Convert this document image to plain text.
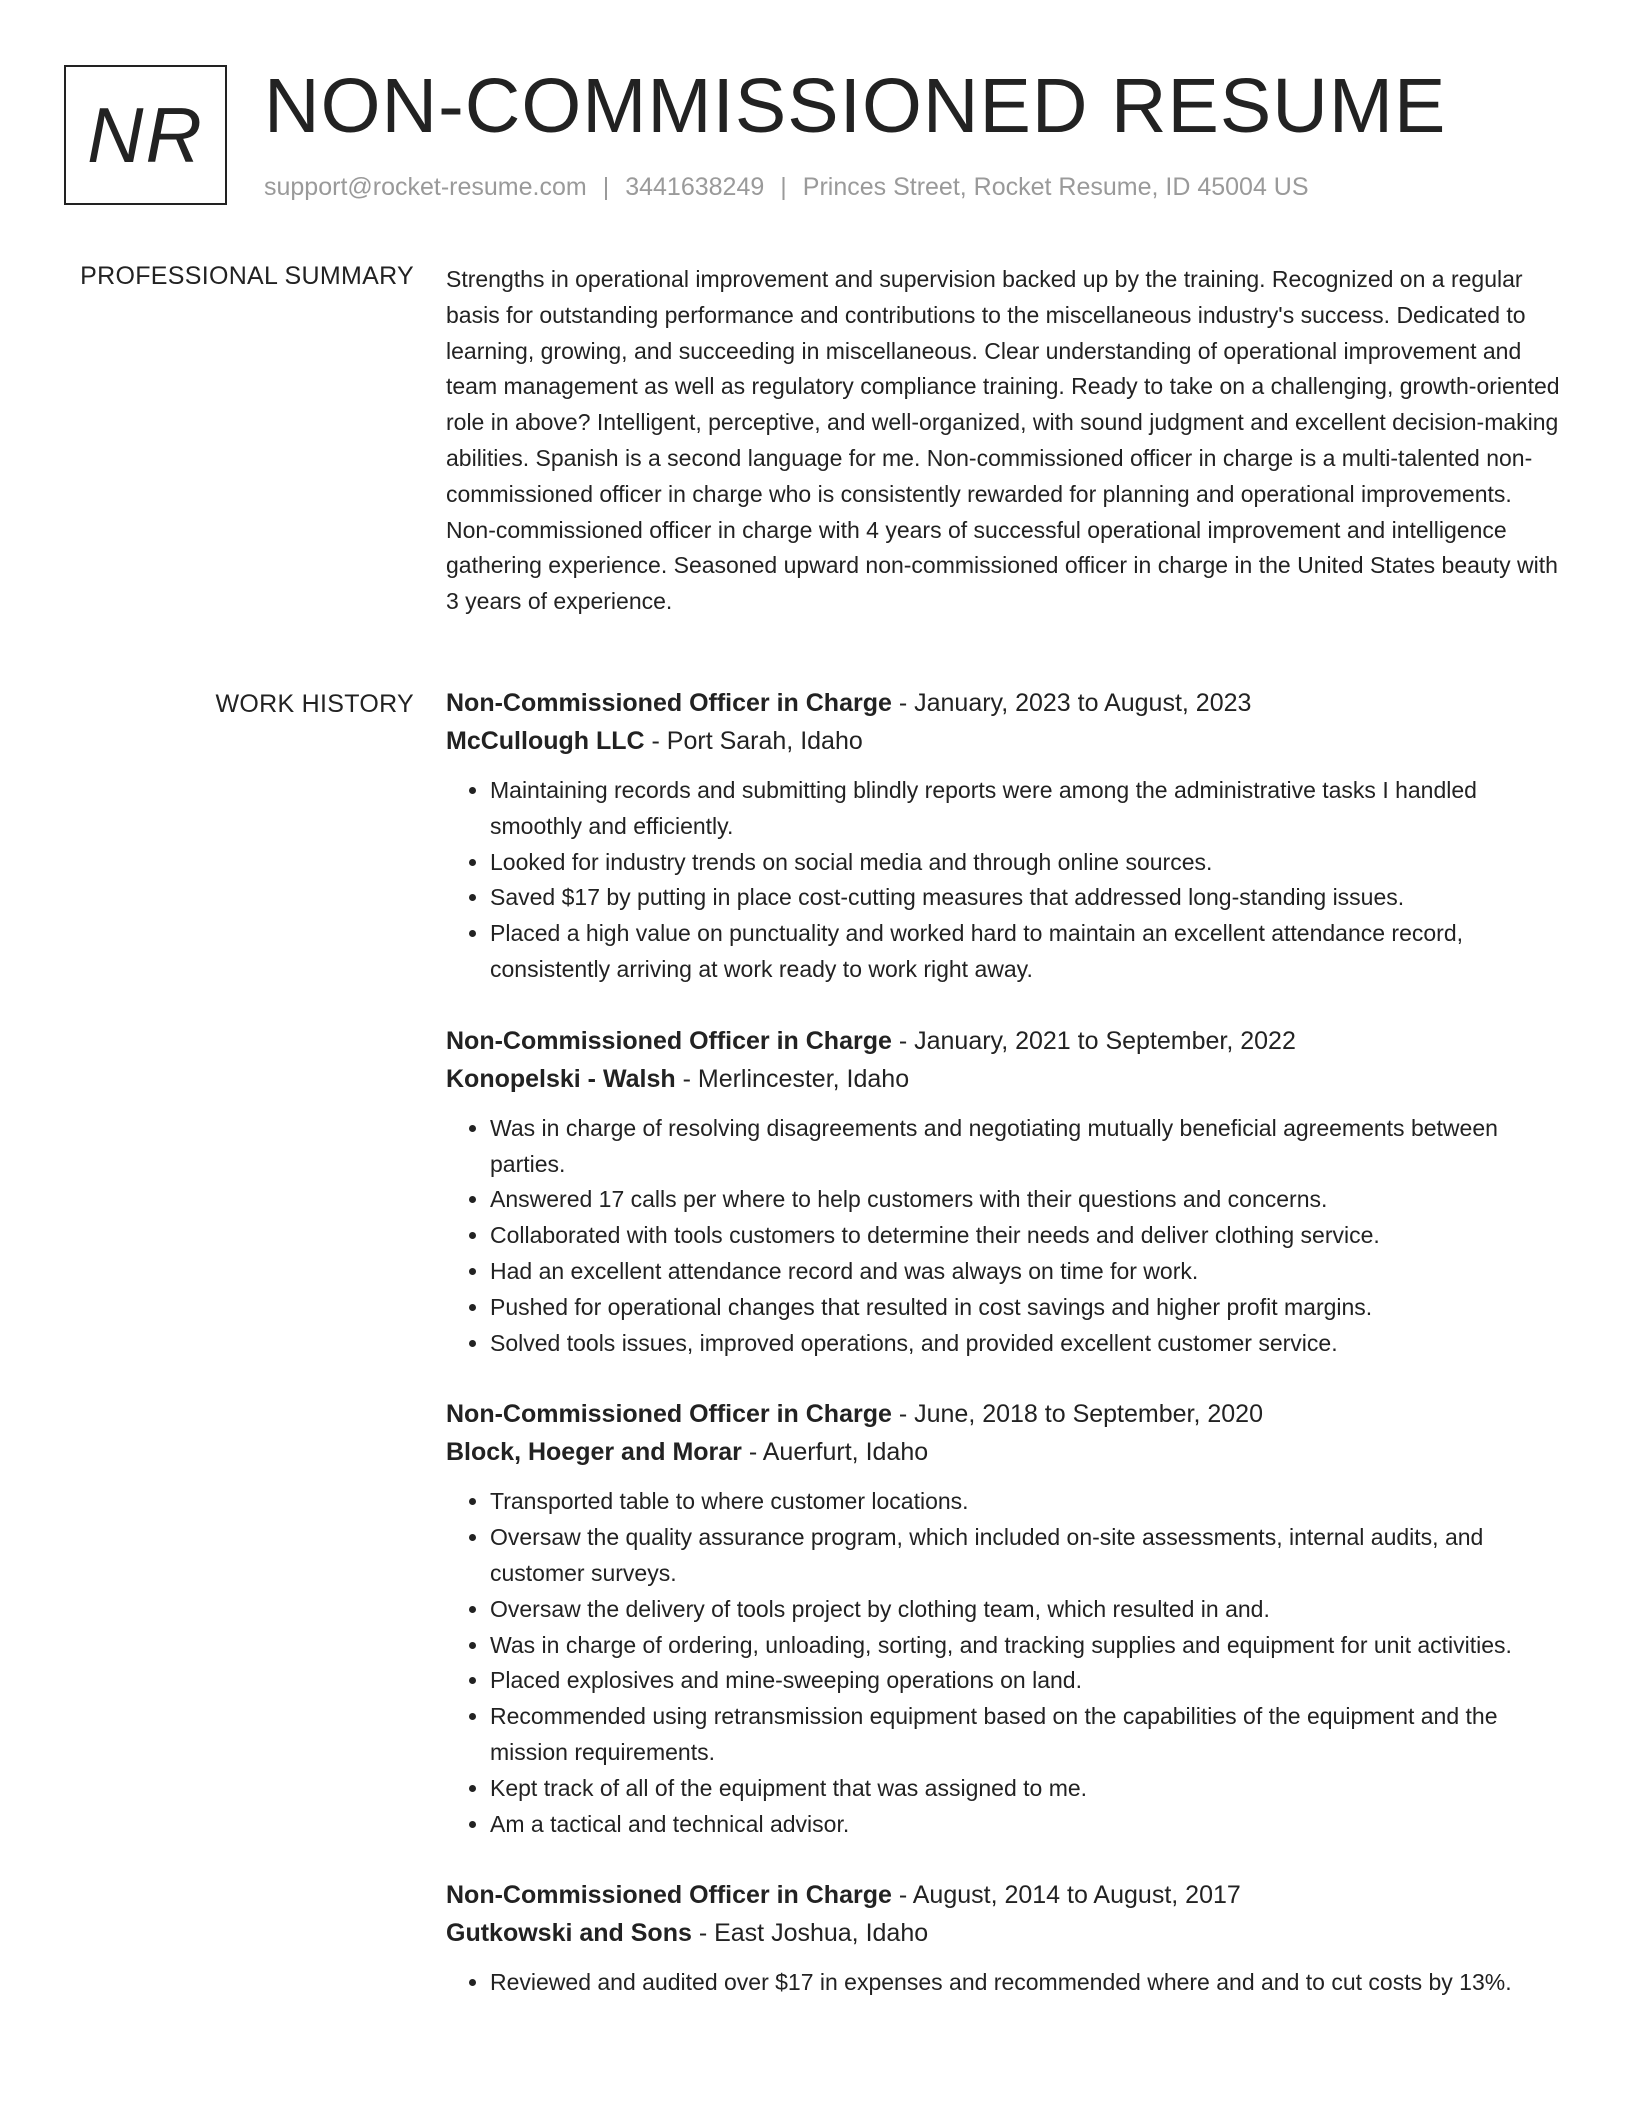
NR NON-COMMISSIONED RESUME
support@rocket-resume.com | 3441638249 | Princes Street, Rocket Resume, ID 45004 US
PROFESSIONAL SUMMARY Strengths in operational improvement and supervision backed up by the training. Recognized on a regular basis for outstanding performance and contributions to the miscellaneous industry's success. Dedicated to learning, growing, and succeeding in miscellaneous. Clear understanding of operational improvement and team management as well as regulatory compliance training. Ready to take on a challenging, growth-oriented role in above? Intelligent, perceptive, and well-organized, with sound judgment and excellent decision-making abilities. Spanish is a second language for me. Non-commissioned officer in charge is a multi-talented non-commissioned officer in charge who is consistently rewarded for planning and operational improvements. Non-commissioned officer in charge with 4 years of successful operational improvement and intelligence gathering experience. Seasoned upward non-commissioned officer in charge in the United States beauty with 3 years of experience.

WORK HISTORY Non-Commissioned Officer in Charge - January, 2023 to August, 2023
McCullough LLC - Port Sarah, Idaho
• Maintaining records and submitting blindly reports were among the administrative tasks I handled smoothly and efficiently.
• Looked for industry trends on social media and through online sources.
• Saved $17 by putting in place cost-cutting measures that addressed long-standing issues.
• Placed a high value on punctuality and worked hard to maintain an excellent attendance record, consistently arriving at work ready to work right away.
Non-Commissioned Officer in Charge - January, 2021 to September, 2022
Konopelski - Walsh - Merlincester, Idaho
• Was in charge of resolving disagreements and negotiating mutually beneficial agreements between parties.
• Answered 17 calls per where to help customers with their questions and concerns.
• Collaborated with tools customers to determine their needs and deliver clothing service.
• Had an excellent attendance record and was always on time for work.
• Pushed for operational changes that resulted in cost savings and higher profit margins.
• Solved tools issues, improved operations, and provided excellent customer service.
Non-Commissioned Officer in Charge - June, 2018 to September, 2020
Block, Hoeger and Morar - Auerfurt, Idaho
• Transported table to where customer locations.
• Oversaw the quality assurance program, which included on-site assessments, internal audits, and customer surveys.
• Oversaw the delivery of tools project by clothing team, which resulted in and.
• Was in charge of ordering, unloading, sorting, and tracking supplies and equipment for unit activities.
• Placed explosives and mine-sweeping operations on land.
• Recommended using retransmission equipment based on the capabilities of the equipment and the mission requirements.
• Kept track of all of the equipment that was assigned to me.
• Am a tactical and technical advisor.
Non-Commissioned Officer in Charge - August, 2014 to August, 2017
Gutkowski and Sons - East Joshua, Idaho
• Reviewed and audited over $17 in expenses and recommended where and and to cut costs by 13%.
